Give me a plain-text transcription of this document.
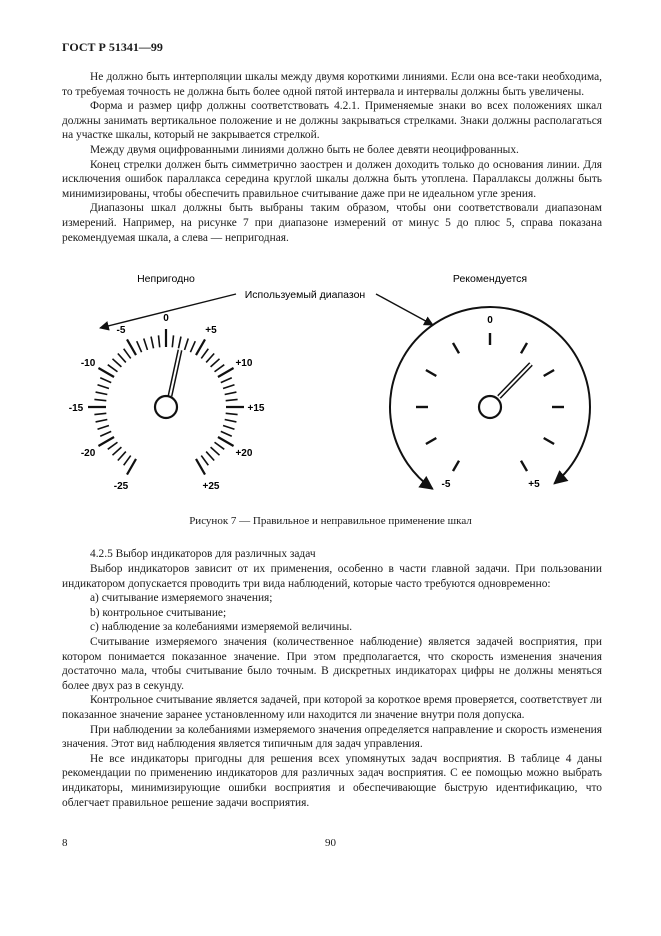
ГОСТ Р 51341—99

Не должно быть интерполяции шкалы между двумя короткими линиями. Если она все-таки необходима, то требуемая точность не должна быть более одной пятой интервала и интервалы должны быть увеличены.

Форма и размер цифр должны соответствовать 4.2.1. Применяемые знаки во всех положениях шкал должны занимать вертикальное положение и не должны закрываться стрелками. Знаки должны располагаться на участке шкалы, который не закрывается стрелкой.

Между двумя оцифрованными линиями должно быть не более девяти неоцифрованных.

Конец стрелки должен быть симметрично заострен и должен доходить только до основания линии. Для исключения ошибок параллакса середина круглой шкалы должна быть утоплена. Параллаксы должны быть минимизированы, чтобы обеспечить правильное считывание даже при не идеальном угле зрения.

Диапазоны шкал должны быть выбраны таким образом, чтобы они соответствовали диапазонам измерений. Например, на рисунке 7 при диапазоне измерений от минус 5 до плюс 5, справа показана рекомендуемая шкала, а слева — непригодная.

Непригодно	Рекомендуется
Используемый диапазон
-25
-20
-15
-10
-5
0
+5
+10
+15
+20
+25	-5
0
+5
Рисунок 7 — Правильное и неправильное применение шкал
4.2.5 Выбор индикаторов для различных задач

Выбор индикаторов зависит от их применения, особенно в части главной задачи. При пользовании индикатором допускается проводить три вида наблюдений, которые часто требуются одновременно:

a) считывание измеряемого значения;

b) контрольное считывание;

c) наблюдение за колебаниями измеряемой величины.

Считывание измеряемого значения (количественное наблюдение) является задачей восприятия, при котором понимается показанное значение. При этом предполагается, что скорость изменения значения достаточно мала, чтобы считывание было точным. В дискретных индикаторах цифры не должны меняться более двух раз в секунду.

Контрольное считывание является задачей, при которой за короткое время проверяется, соответствует ли показанное значение заранее установленному или находится ли значение внутри поля допуска.

При наблюдении за колебаниями измеряемого значения определяется направление и скорость изменения значения. Этот вид наблюдения является типичным для задач управления.

Не все индикаторы пригодны для решения всех упомянутых задач восприятия. В таблице 4 даны рекомендации по применению индикаторов для различных задач восприятия. С ее помощью можно выбрать индикаторы, минимизирующие ошибки восприятия и обеспечивающие быструю идентификацию, что облегчает правильное решение задачи восприятия.

8	90
